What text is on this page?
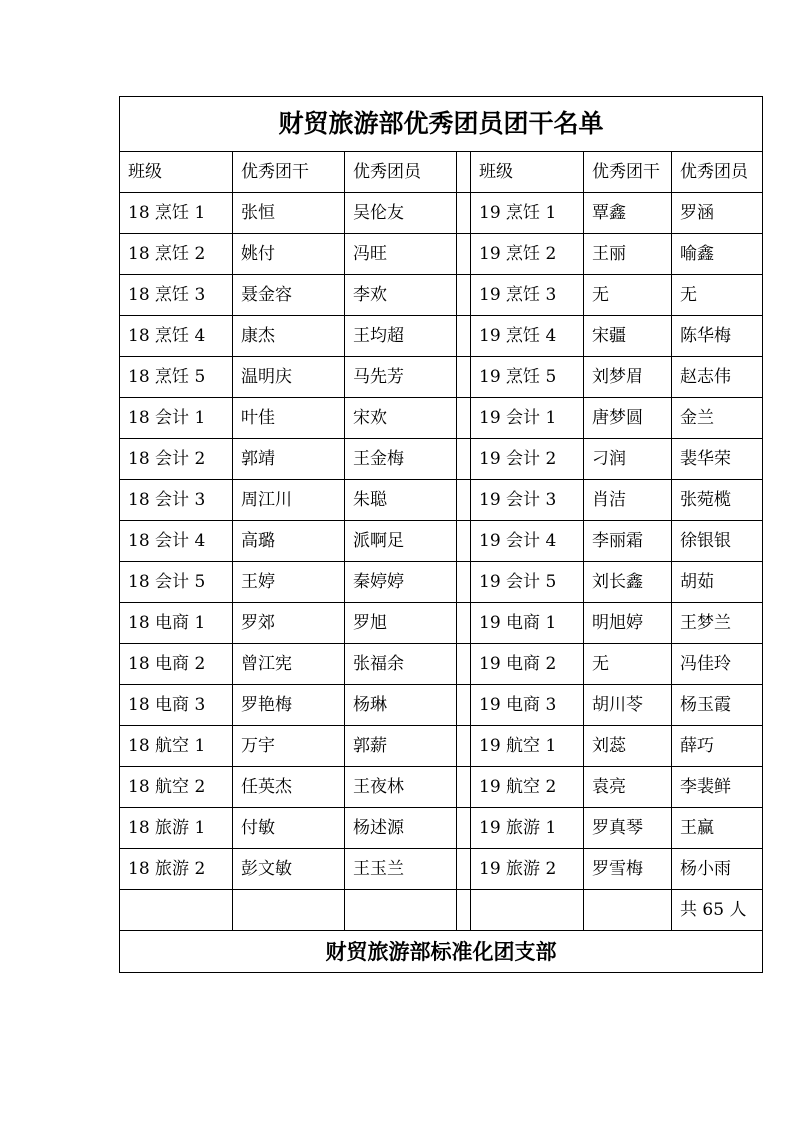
财贸旅游部优秀团员团干名单						
班级	优秀团干	优秀团员		班级	优秀团干	优秀团员
18 烹饪 1	张恒	吴伦友		19 烹饪 1	覃鑫	罗涵
18 烹饪 2	姚付	冯旺		19 烹饪 2	王丽	喻鑫
18 烹饪 3	聂金容	李欢		19 烹饪 3	无	无
18 烹饪 4	康杰	王均超		19 烹饪 4	宋疆	陈华梅
18 烹饪 5	温明庆	马先芳		19 烹饪 5	刘梦眉	赵志伟
18 会计 1	叶佳	宋欢		19 会计 1	唐梦圆	金兰
18 会计 2	郭靖	王金梅		19 会计 2	刁润	裴华荣
18 会计 3	周江川	朱聪		19 会计 3	肖洁	张菀榄
18 会计 4	高璐	派啊足		19 会计 4	李丽霜	徐银银
18 会计 5	王婷	秦婷婷		19 会计 5	刘长鑫	胡茹
18 电商 1	罗郊	罗旭		19 电商 1	明旭婷	王梦兰
18 电商 2	曾江宪	张福余		19 电商 2	无	冯佳玲
18 电商 3	罗艳梅	杨琳		19 电商 3	胡川苓	杨玉霞
18 航空 1	万宇	郭薪		19 航空 1	刘蕊	薛巧
18 航空 2	任英杰	王夜林		19 航空 2	袁亮	李裴鲜
18 旅游 1	付敏	杨述源		19 旅游 1	罗真琴	王赢
18 旅游 2	彭文敏	王玉兰		19 旅游 2	罗雪梅	杨小雨
						共 65 人
财贸旅游部标准化团支部						
